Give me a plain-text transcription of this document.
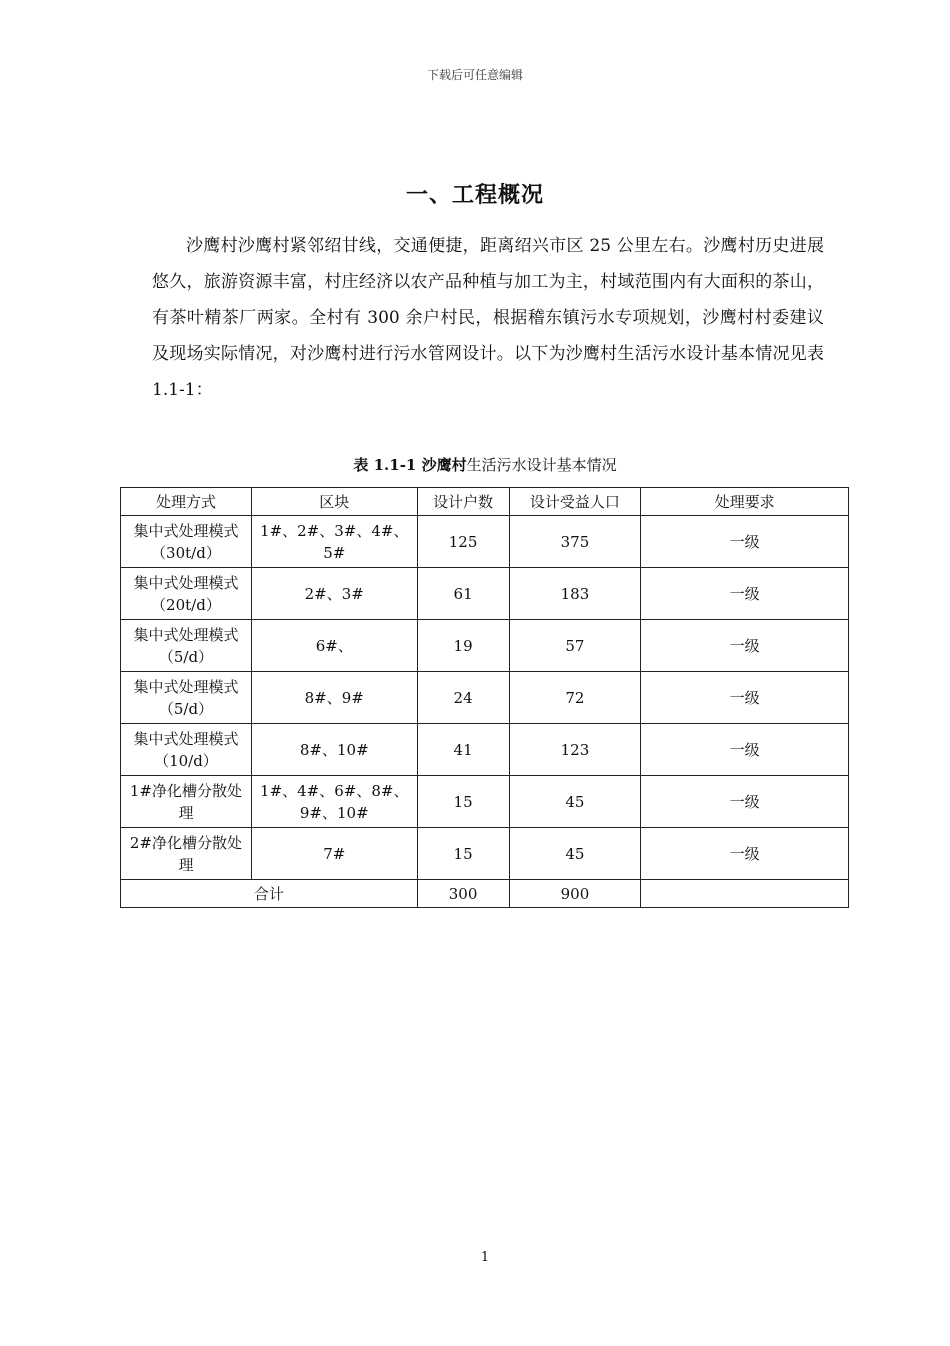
下载后可任意编辑
一、工程概况

沙鹰村沙鹰村紧邻绍甘线，交通便捷，距离绍兴市区 25 公里左右。沙鹰村历史进展悠久，旅游资源丰富，村庄经济以农产品种植与加工为主，村域范围内有大面积的茶山，有茶叶精茶厂两家。全村有 300 余户村民，根据稽东镇污水专项规划，沙鹰村村委建议及现场实际情况，对沙鹰村进行污水管网设计。以下为沙鹰村生活污水设计基本情况见表 1.1-1：

表 1.1-1 沙鹰村生活污水设计基本情况
处理方式	区块	设计户数	设计受益人口	处理要求
集中式处理模式（30t/d）	1#、2#、3#、4#、5#	125	375	一级
集中式处理模式（20t/d）	2#、3#	61	183	一级
集中式处理模式（5/d）	6#、	19	57	一级
集中式处理模式（5/d）	8#、9#	24	72	一级
集中式处理模式（10/d）	8#、10#	41	123	一级
1#净化槽分散处理	1#、4#、6#、8#、9#、10#	15	45	一级
2#净化槽分散处理	7#	15	45	一级
合计		300	900	
1
